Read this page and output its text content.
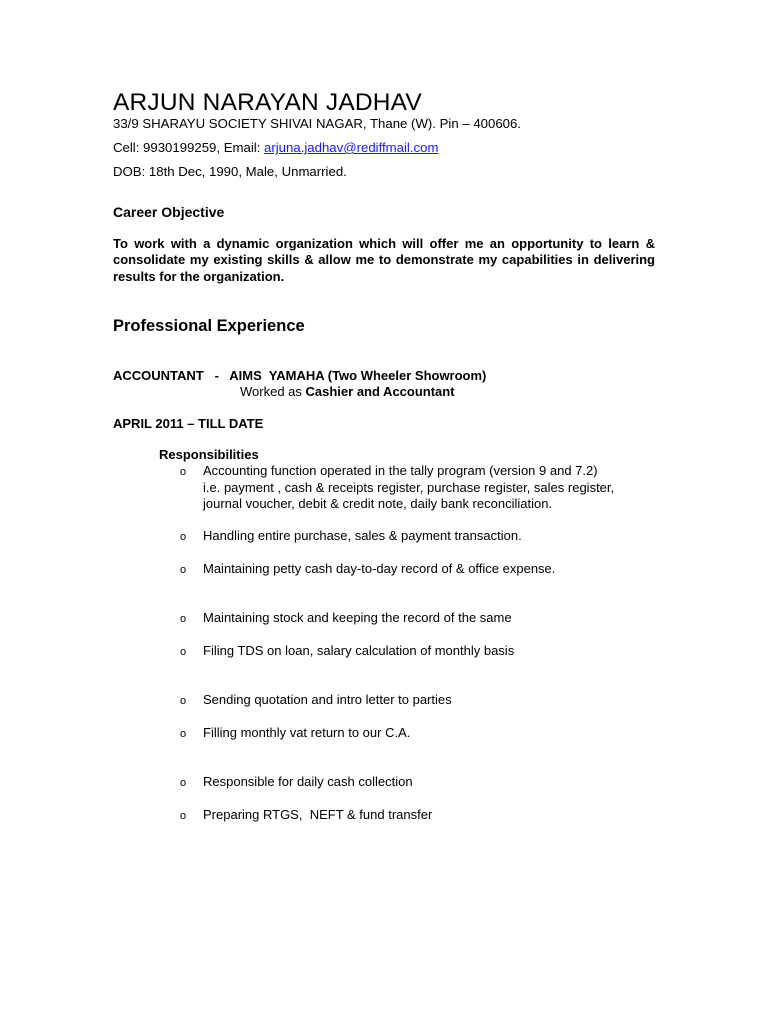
ARJUN NARAYAN JADHAV
33/9 SHARAYU SOCIETY SHIVAI NAGAR, Thane (W). Pin – 400606.
Cell: 9930199259, Email: arjuna.jadhav@rediffmail.com
DOB: 18th Dec, 1990, Male, Unmarried.
Career Objective
To work with a dynamic organization which will offer me an opportunity to learn & consolidate my existing skills & allow me to demonstrate my capabilities in delivering results for the organization.
Professional Experience
ACCOUNTANT   -   AIMS  YAMAHA (Two Wheeler Showroom)
Worked as Cashier and Accountant
APRIL 2011 – TILL DATE
Responsibilities
o Accounting function operated in the tally program (version 9 and 7.2)
i.e. payment , cash & receipts register, purchase register, sales register,
journal voucher, debit & credit note, daily bank reconciliation.
o Handling entire purchase, sales & payment transaction.
o Maintaining petty cash day-to-day record of & office expense.
o Maintaining stock and keeping the record of the same
o Filing TDS on loan, salary calculation of monthly basis
o Sending quotation and intro letter to parties
o Filling monthly vat return to our C.A.
o Responsible for daily cash collection
o Preparing RTGS,  NEFT & fund transfer
